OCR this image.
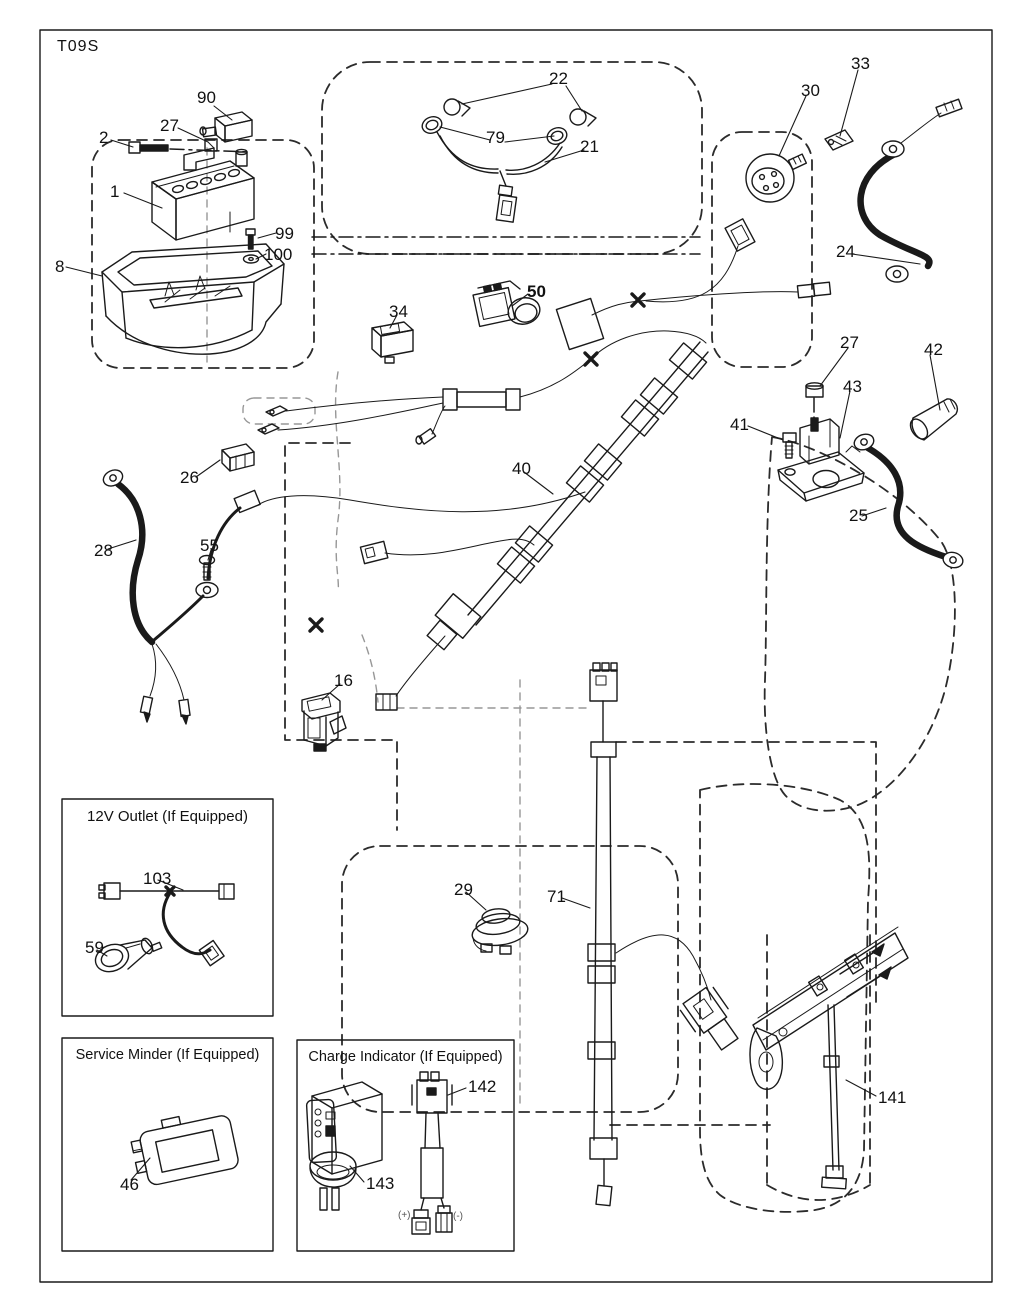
T09S
90
27
2
1
99
100
8
22
79	21
30
33
24
34
50
27	42
43
41
25
40
26
28	55
16
103
59
46
29	71
141
142
143
(+)	(-)
12V Outlet (If Equipped)
Service Minder (If Equipped)	Charge Indicator (If Equipped)
